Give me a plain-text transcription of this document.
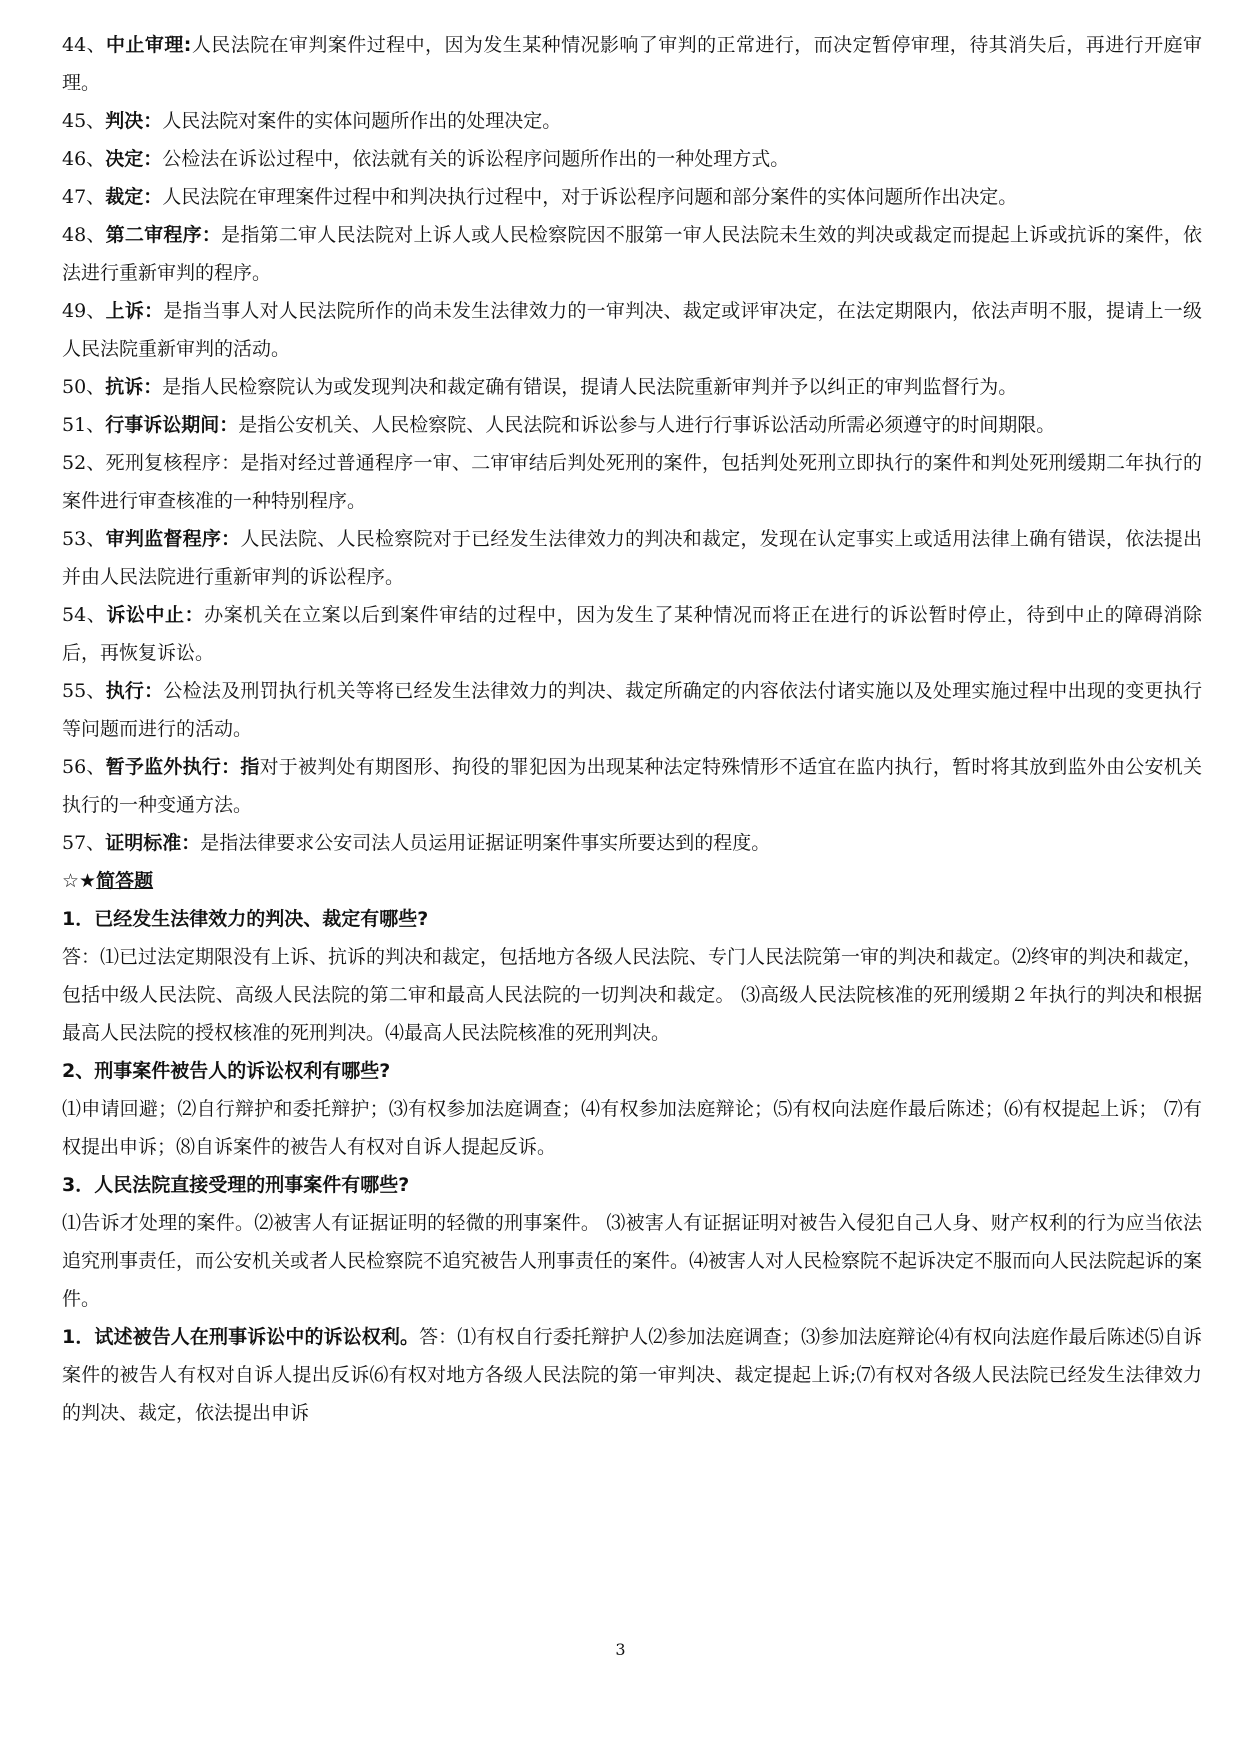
44、中止审理:人民法院在审判案件过程中，因为发生某种情况影响了审判的正常进行，而决定暂停审理，待其消失后，再进行开庭审理。

45、判决：人民法院对案件的实体问题所作出的处理决定。

46、决定：公检法在诉讼过程中，依法就有关的诉讼程序问题所作出的一种处理方式。

47、裁定：人民法院在审理案件过程中和判决执行过程中，对于诉讼程序问题和部分案件的实体问题所作出决定。

48、第二审程序：是指第二审人民法院对上诉人或人民检察院因不服第一审人民法院未生效的判决或裁定而提起上诉或抗诉的案件，依法进行重新审判的程序。

49、上诉：是指当事人对人民法院所作的尚未发生法律效力的一审判决、裁定或评审决定，在法定期限内，依法声明不服，提请上一级人民法院重新审判的活动。

50、抗诉：是指人民检察院认为或发现判决和裁定确有错误，提请人民法院重新审判并予以纠正的审判监督行为。

51、行事诉讼期间：是指公安机关、人民检察院、人民法院和诉讼参与人进行行事诉讼活动所需必须遵守的时间期限。

52、死刑复核程序：是指对经过普通程序一审、二审审结后判处死刑的案件，包括判处死刑立即执行的案件和判处死刑缓期二年执行的案件进行审查核准的一种特别程序。

53、审判监督程序：人民法院、人民检察院对于已经发生法律效力的判决和裁定，发现在认定事实上或适用法律上确有错误，依法提出并由人民法院进行重新审判的诉讼程序。

54、诉讼中止：办案机关在立案以后到案件审结的过程中，因为发生了某种情况而将正在进行的诉讼暂时停止，待到中止的障碍消除后，再恢复诉讼。

55、执行：公检法及刑罚执行机关等将已经发生法律效力的判决、裁定所确定的内容依法付诸实施以及处理实施过程中出现的变更执行等问题而进行的活动。

56、暂予监外执行：指对于被判处有期图形、拘役的罪犯因为出现某种法定特殊情形不适宜在监内执行，暂时将其放到监外由公安机关执行的一种变通方法。

57、证明标准：是指法律要求公安司法人员运用证据证明案件事实所要达到的程度。

☆★简答题

1．已经发生法律效力的判决、裁定有哪些?

答：⑴已过法定期限没有上诉、抗诉的判决和裁定，包括地方各级人民法院、专门人民法院第一审的判决和裁定。⑵终审的判决和裁定，包括中级人民法院、高级人民法院的第二审和最高人民法院的一切判决和裁定。 ⑶高级人民法院核准的死刑缓期２年执行的判决和根据最高人民法院的授权核准的死刑判决。⑷最高人民法院核准的死刑判决。

2、刑事案件被告人的诉讼权利有哪些?

⑴申请回避；⑵自行辩护和委托辩护；⑶有权参加法庭调查；⑷有权参加法庭辩论；⑸有权向法庭作最后陈述；⑹有权提起上诉； ⑺有权提出申诉；⑻自诉案件的被告人有权对自诉人提起反诉。

3．人民法院直接受理的刑事案件有哪些?

⑴告诉才处理的案件。⑵被害人有证据证明的轻微的刑事案件。 ⑶被害人有证据证明对被告入侵犯自己人身、财产权利的行为应当依法追究刑事责任，而公安机关或者人民检察院不追究被告人刑事责任的案件。⑷被害人对人民检察院不起诉决定不服而向人民法院起诉的案件。

1．试述被告人在刑事诉讼中的诉讼权利。答：⑴有权自行委托辩护人⑵参加法庭调查；⑶参加法庭辩论⑷有权向法庭作最后陈述⑸自诉案件的被告人有权对自诉人提出反诉⑹有权对地方各级人民法院的第一审判决、裁定提起上诉;⑺有权对各级人民法院已经发生法律效力的判决、裁定，依法提出申诉

3
